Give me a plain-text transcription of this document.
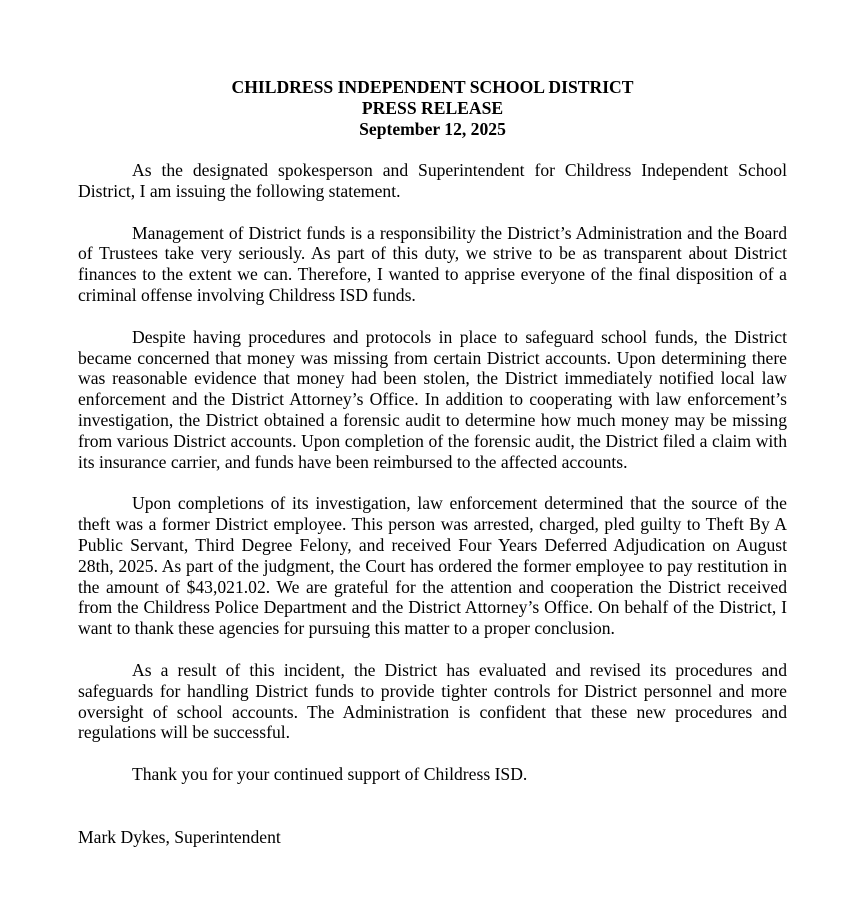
CHILDRESS INDEPENDENT SCHOOL DISTRICT
PRESS RELEASE
September 12, 2025

As the designated spokesperson and Superintendent for Childress Independent School District, I am issuing the following statement.

Management of District funds is a responsibility the District’s Administration and the Board of Trustees take very seriously. As part of this duty, we strive to be as transparent about District finances to the extent we can. Therefore, I wanted to apprise everyone of the final disposition of a criminal offense involving Childress ISD funds.

Despite having procedures and protocols in place to safeguard school funds, the District became concerned that money was missing from certain District accounts. Upon determining there was reasonable evidence that money had been stolen, the District immediately notified local law enforcement and the District Attorney’s Office. In addition to cooperating with law enforcement’s investigation, the District obtained a forensic audit to determine how much money may be missing from various District accounts. Upon completion of the forensic audit, the District filed a claim with its insurance carrier, and funds have been reimbursed to the affected accounts.

Upon completions of its investigation, law enforcement determined that the source of the theft was a former District employee. This person was arrested, charged, pled guilty to Theft By A Public Servant, Third Degree Felony, and received Four Years Deferred Adjudication on August 28th, 2025. As part of the judgment, the Court has ordered the former employee to pay restitution in the amount of $43,021.02. We are grateful for the attention and cooperation the District received from the Childress Police Department and the District Attorney’s Office. On behalf of the District, I want to thank these agencies for pursuing this matter to a proper conclusion.

As a result of this incident, the District has evaluated and revised its procedures and safeguards for handling District funds to provide tighter controls for District personnel and more oversight of school accounts. The Administration is confident that these new procedures and regulations will be successful.

Thank you for your continued support of Childress ISD.

Mark Dykes, Superintendent
